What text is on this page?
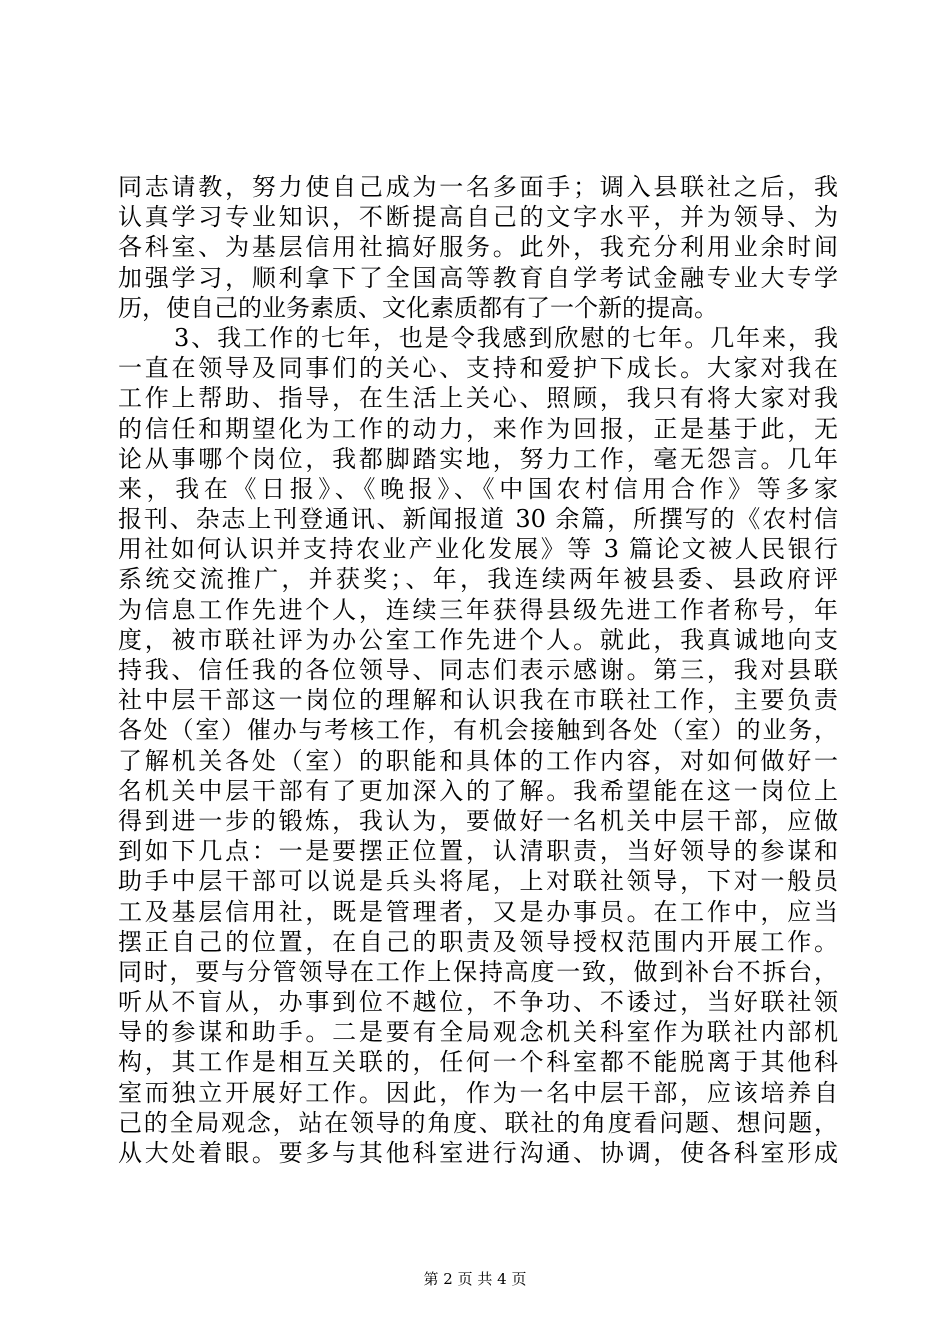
同志请教，努力使自己成为一名多面手；调入县联社之后，我
认真学习专业知识，不断提高自己的文字水平，并为领导、为
各科室、为基层信用社搞好服务。此外，我充分利用业余时间
加强学习，顺利拿下了全国高等教育自学考试金融专业大专学
历，使自己的业务素质、文化素质都有了一个新的提高。
3、我工作的七年，也是令我感到欣慰的七年。几年来，我
一直在领导及同事们的关心、支持和爱护下成长。大家对我在
工作上帮助、指导，在生活上关心、照顾，我只有将大家对我
的信任和期望化为工作的动力，来作为回报，正是基于此，无
论从事哪个岗位，我都脚踏实地，努力工作，毫无怨言。几年
来，我在《日报》、《晚报》、《中国农村信用合作》等多家
报刊、杂志上刊登通讯、新闻报道 30 余篇，所撰写的《农村信
用社如何认识并支持农业产业化发展》等 3 篇论文被人民银行
系统交流推广，并获奖；、年，我连续两年被县委、县政府评
为信息工作先进个人，连续三年获得县级先进工作者称号，年
度，被市联社评为办公室工作先进个人。就此，我真诚地向支
持我、信任我的各位领导、同志们表示感谢。第三，我对县联
社中层干部这一岗位的理解和认识我在市联社工作，主要负责
各处（室）催办与考核工作，有机会接触到各处（室）的业务，
了解机关各处（室）的职能和具体的工作内容，对如何做好一
名机关中层干部有了更加深入的了解。我希望能在这一岗位上
得到进一步的锻炼，我认为，要做好一名机关中层干部，应做
到如下几点：一是要摆正位置，认清职责，当好领导的参谋和
助手中层干部可以说是兵头将尾，上对联社领导，下对一般员
工及基层信用社，既是管理者，又是办事员。在工作中，应当
摆正自己的位置，在自己的职责及领导授权范围内开展工作。
同时，要与分管领导在工作上保持高度一致，做到补台不拆台，
听从不盲从，办事到位不越位，不争功、不诿过，当好联社领
导的参谋和助手。二是要有全局观念机关科室作为联社内部机
构，其工作是相互关联的，任何一个科室都不能脱离于其他科
室而独立开展好工作。因此，作为一名中层干部，应该培养自
己的全局观念，站在领导的角度、联社的角度看问题、想问题，
从大处着眼。要多与其他科室进行沟通、协调，使各科室形成
第 2 页 共 4 页
